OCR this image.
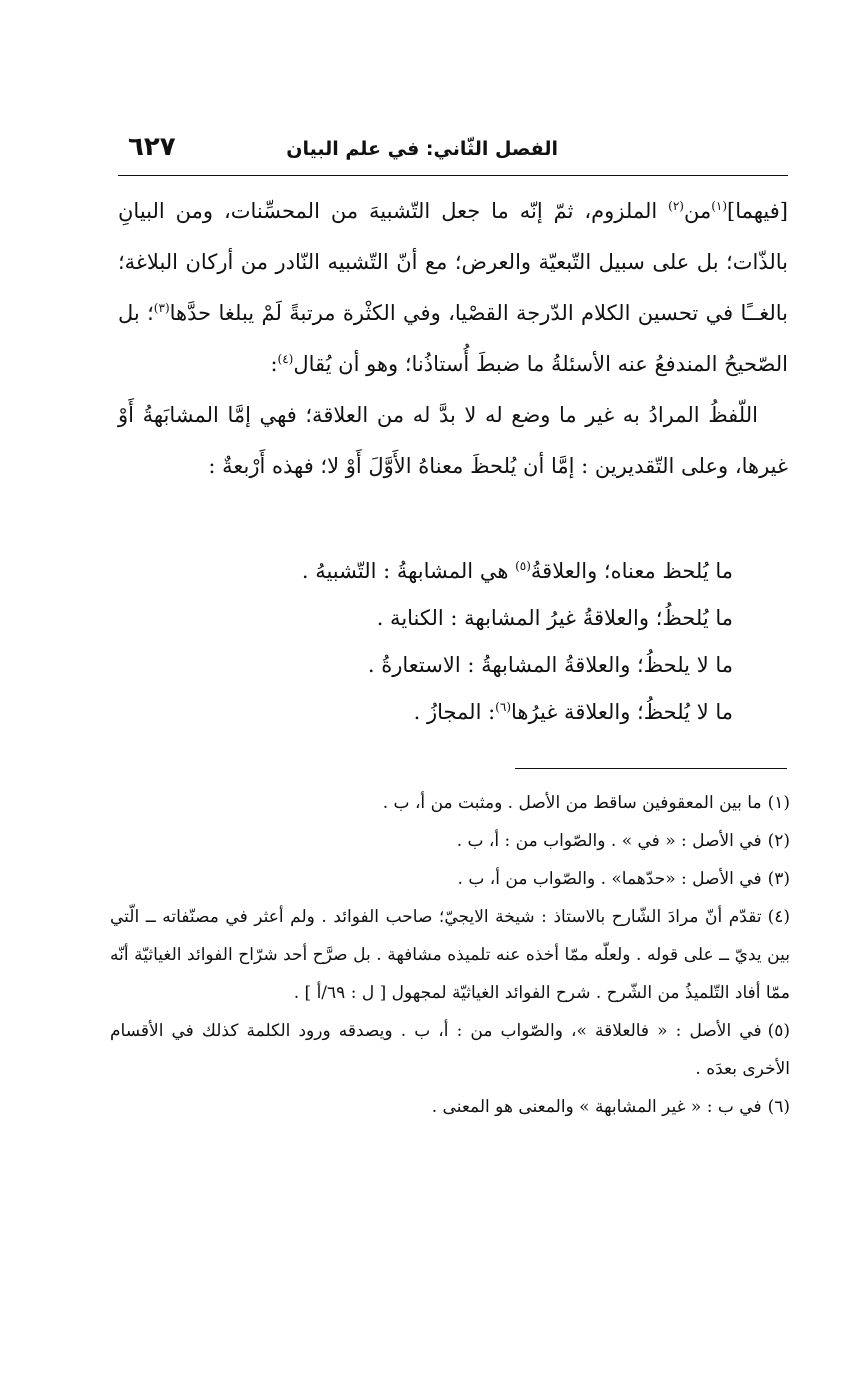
الفصل الثّاني: في علم البيان
٦٢٧

[فيهما]$^{(١)}$من$^{(٢)}$ الملزوم، ثمّ إنّه ما جعل التّشبيهَ من المحسِّنات، ومن البيانِ بالذّات؛ بل على سبيل التّبعيّة والعرض؛ مع أنّ التّشبيه النّادر من أركان البلاغة؛ بالغــًا في تحسين الكلام الدّرجة القصْيا، وفي الكثْرة مرتبةً لَمْ يبلغا حدَّها$^{(٣)}$؛ بل الصّحيحُ المندفعُ عنه الأسئلةُ ما ضبطَ أُستاذُنا؛ وهو أن يُقال$^{(٤)}$:

اللّفظُ المرادُ به غير ما وضع له لا بدَّ له من العلاقة؛ فهي إمَّا المشابَهةُ أَوْ غيرها، وعلى التّقديرين : إمَّا أن يُلحظَ معناهُ الأَوَّلَ أَوْ لا؛ فهذه أَرْبعةٌ :

ما يُلحظ معناه؛ والعلاقةُ$^{(٥)}$ هي المشابهةُ : التّشبيهُ .
ما يُلحظُ؛ والعلاقةُ غيرُ المشابهة : الكناية .
ما لا يلحظُ؛ والعلاقةُ المشابهةُ : الاستعارةُ .
ما لا يُلحظُ؛ والعلاقة غيرُها$^{(٦)}$: المجازُ .

(١)ما بين المعقوفين ساقط من الأصل . ومثبت من أ، ب .

(٢)في الأصل : « في » . والصّواب من : أ، ب .

(٣)في الأصل : «حدّهما» . والصّواب من أ، ب .

(٤)تقدّم أنّ مرادَ الشّارح بالاستاذ : شيخة الايجيّ؛ صاحب الفوائد . ولم أعثر في مصنّفاته ــ الّتي بين يديّ ــ على قوله . ولعلّه ممّا أخذه عنه تلميذه مشافهة . بل صرَّح أحد شرّاح الفوائد الغياثيّة أنّه ممّا أفاد التّلميذُ من الشّرح . شرح الفوائد الغياثيّة لمجهول [ ل : ٦٩/أ ] .

(٥)في الأصل : « فالعلاقة »، والصّواب من : أ، ب . ويصدقه ورود الكلمة كذلك في الأقسام الأخرى بعدَه .

(٦)في ب : « غير المشابهة » والمعنى هو المعنى .
